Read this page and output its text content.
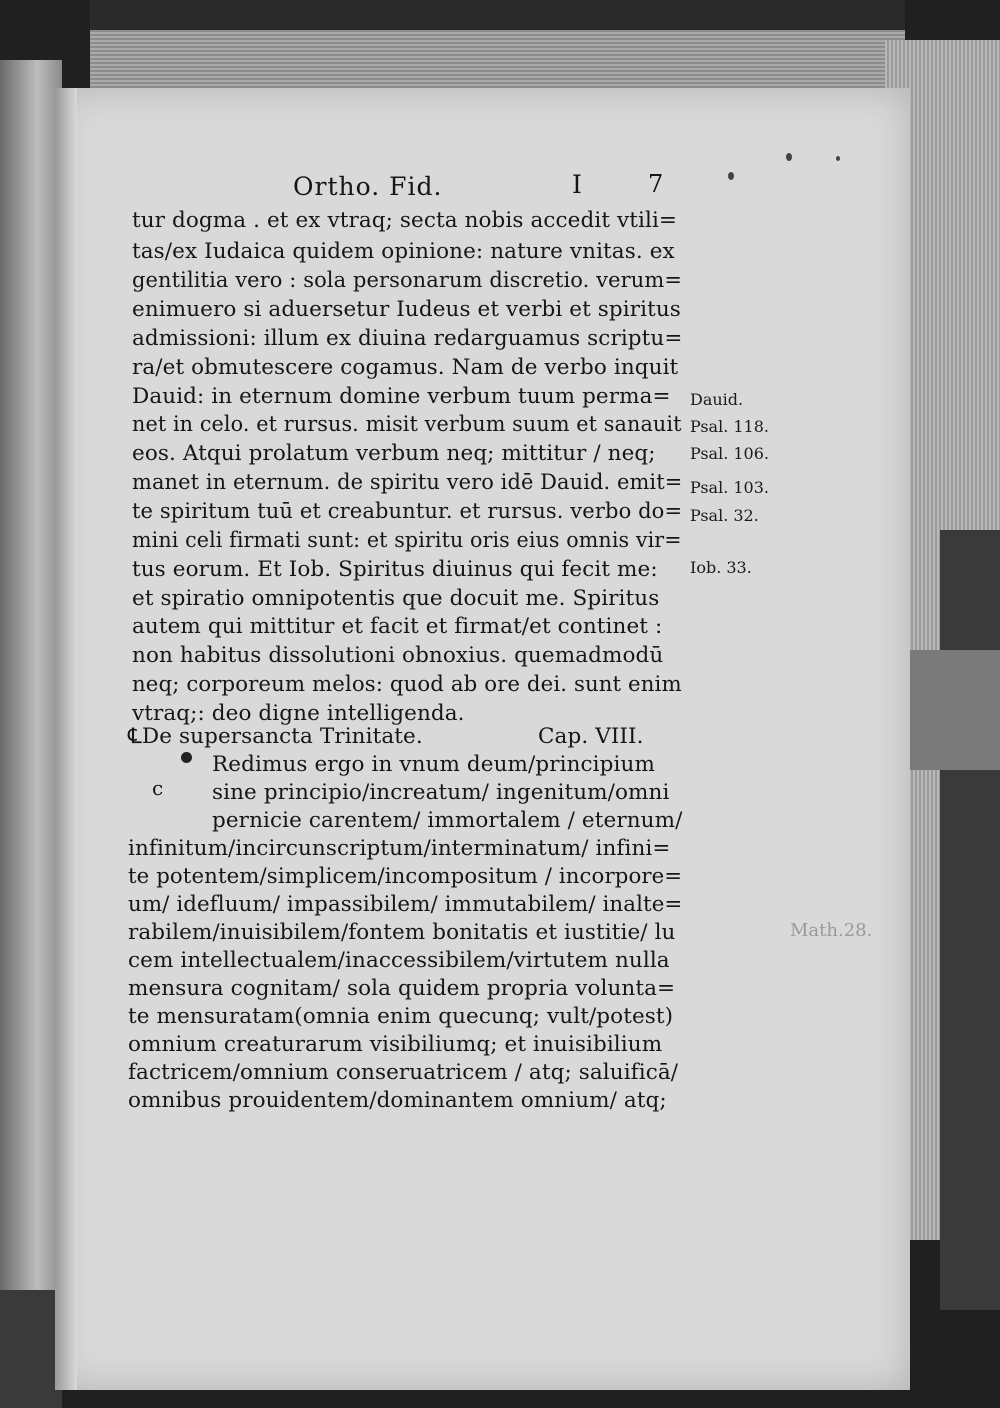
Math.28.
Ortho. Fid.	I	7
tur dogma . et ex vtraq; secta nobis accedit vtili=
tas/ex Iudaica quidem opinione: nature vnitas. ex
gentilitia vero : sola personarum discretio. verum=
enimuero si aduersetur Iudeus et verbi et spiritus
admissioni: illum ex diuina redarguamus scriptu=
ra/et obmutescere cogamus. Nam de verbo inquit
Dauid: in eternum domine verbum tuum perma=
net in celo. et rursus. misit verbum suum et sanauit
eos. Atqui prolatum verbum neq; mittitur / neq;
manet in eternum. de spiritu vero idē Dauid. emit=
te spiritum tuū et creabuntur. et rursus. verbo do=
mini celi firmati sunt: et spiritu oris eius omnis vir=
tus eorum. Et Iob. Spiritus diuinus qui fecit me:
et spiratio omnipotentis que docuit me. Spiritus
autem qui mittitur et facit et firmat/et continet :
non habitus dissolutioni obnoxius. quemadmodū
neq; corporeum melos: quod ab ore dei. sunt enim
vtraq;: deo digne intelligenda.
Dauid.
Psal. 118.
Psal. 106.
Psal. 103.
Psal. 32.
Iob. 33.
℄De supersancta Trinitate.	Cap. VIII.
c
Redimus ergo in vnum deum/principium
sine principio/increatum/ ingenitum/omni
pernicie carentem/ immortalem / eternum/
infinitum/incircunscriptum/interminatum/ infini=
te potentem/simplicem/incompositum / incorpore=
um/ idefluum/ impassibilem/ immutabilem/ inalte=
rabilem/inuisibilem/fontem bonitatis et iustitie/ lu
cem intellectualem/inaccessibilem/virtutem nulla
mensura cognitam/ sola quidem propria volunta=
te mensuratam(omnia enim quecunq; vult/potest)
omnium creaturarum visibiliumq; et inuisibilium
factricem/omnium conseruatricem / atq; saluificā/
omnibus prouidentem/dominantem omnium/ atq;
